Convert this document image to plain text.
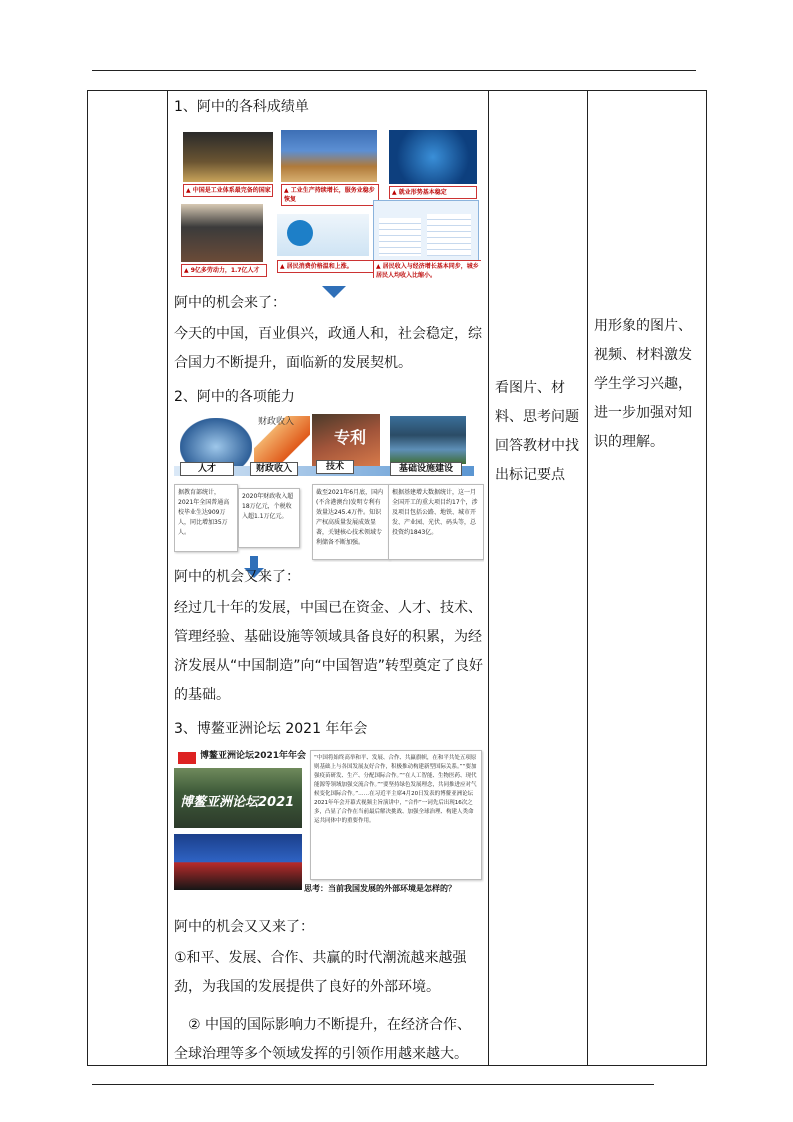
1、阿中的各科成绩单
▲ 中国是工业体系最完备的国家	▲ 工业生产持续增长，服务业稳步恢复
▲ 就业形势基本稳定
▲ 9亿多劳动力，1.7亿人才
▲ 居民消费价格温和上涨。	▲ 居民收入与经济增长基本同步，城乡居民人均收入比缩小。
阿中的机会来了：
今天的中国，百业俱兴，政通人和，社会稳定，综合国力不断提升，面临新的发展契机。
2、阿中的各项能力
财政收入
专利
人才	财政收入	技术	基础设施建设
据教育部统计，2021年全国普通高校毕业生达909万人，同比增加35万人。
2020年财政收入超18万亿元，个税收入超1.1万亿元。
截至2021年6月底，国内(不含港澳台)发明专利有效量达245.4万件。知识产权高质量发展成效显著，关键核心技术领域专利储备不断加强。
根据基建增大数据统计，这一月全国开工的重大项目约17个，涉及项目包括公路、地铁、城市开发、产业园、光伏、码头等，总投资约1843亿。
阿中的机会又来了：
经过几十年的发展，中国已在资金、人才、技术、管理经验、基础设施等领域具备良好的积累，为经济发展从“中国制造”向“中国智造”转型奠定了良好的基础。
3、博鳌亚洲论坛 2021 年年会
博鳌亚洲论坛2021年年会
博鳌亚洲论坛2021
“中国将始终高举和平、发展、合作、共赢旗帜，在和平共处五项原则基础上与各国发展友好合作，积极推动构建新型国际关系。”“要加强疫苗研发、生产、分配国际合作。”“在人工智能、生物医药、现代能源等领域加强交流合作。”“要坚持绿色发展理念，共同推进应对气候变化国际合作。”……在习近平主席4月20日发表的博鳌亚洲论坛2021年年会开幕式视频主旨演讲中，“合作”一词先后出现16次之多，凸显了合作在当前最后解决挑战、加强全球治理、构建人类命运共同体中的重要作用。
思考：当前我国发展的外部环境是怎样的？
阿中的机会又又来了：
①和平、发展、合作、共赢的时代潮流越来越强劲，为我国的发展提供了良好的外部环境。
② 中国的国际影响力不断提升，在经济合作、全球治理等多个领域发挥的引领作用越来越大。
看图片、材料、思考问题回答教材中找出标记要点
用形象的图片、视频、材料激发学生学习兴趣，进一步加强对知识的理解。
